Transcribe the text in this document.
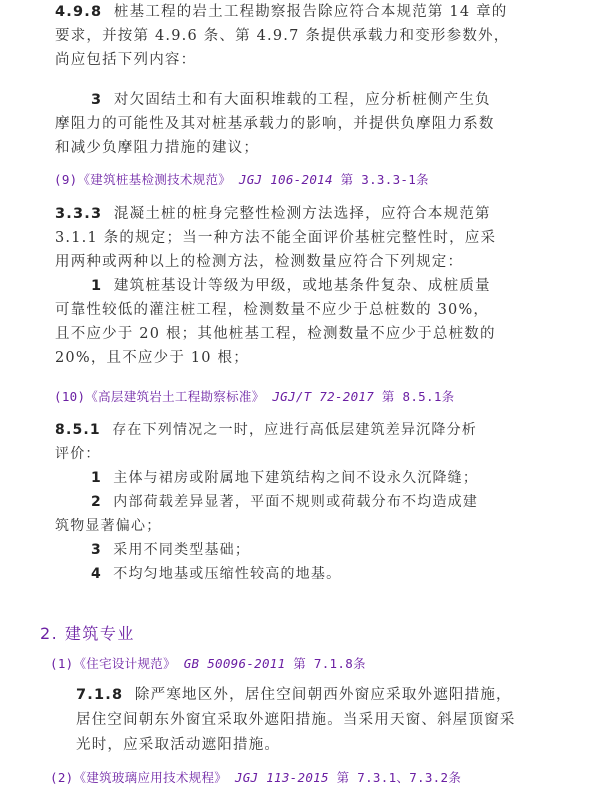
4.9.8 桩基工程的岩土工程勘察报告除应符合本规范第 14 章的
要求，并按第 4.9.6 条、第 4.9.7 条提供承载力和变形参数外，
尚应包括下列内容：
3 对欠固结土和有大面积堆载的工程，应分析桩侧产生负
摩阻力的可能性及其对桩基承载力的影响，并提供负摩阻力系数
和减少负摩阻力措施的建议；
(9)《建筑桩基检测技术规范》 JGJ 106-2014 第 3.3.3-1条
3.3.3 混凝土桩的桩身完整性检测方法选择，应符合本规范第
3.1.1 条的规定；当一种方法不能全面评价基桩完整性时，应采
用两种或两种以上的检测方法，检测数量应符合下列规定：
1 建筑桩基设计等级为甲级，或地基条件复杂、成桩质量
可靠性较低的灌注桩工程，检测数量不应少于总桩数的 30%，
且不应少于 20 根；其他桩基工程，检测数量不应少于总桩数的
20%，且不应少于 10 根；
(10)《高层建筑岩土工程勘察标准》 JGJ/T 72-2017 第 8.5.1条
8.5.1 存在下列情况之一时，应进行高低层建筑差异沉降分析
评价：
1 主体与裙房或附属地下建筑结构之间不设永久沉降缝；
2 内部荷载差异显著，平面不规则或荷载分布不均造成建
筑物显著偏心；
3 采用不同类型基础；
4 不均匀地基或压缩性较高的地基。
2. 建筑专业
(1)《住宅设计规范》 GB 50096-2011 第 7.1.8条
7.1.8 除严寒地区外，居住空间朝西外窗应采取外遮阳措施，
居住空间朝东外窗宜采取外遮阳措施。当采用天窗、斜屋顶窗采
光时，应采取活动遮阳措施。
(2)《建筑玻璃应用技术规程》 JGJ 113-2015 第 7.3.1、7.3.2条
